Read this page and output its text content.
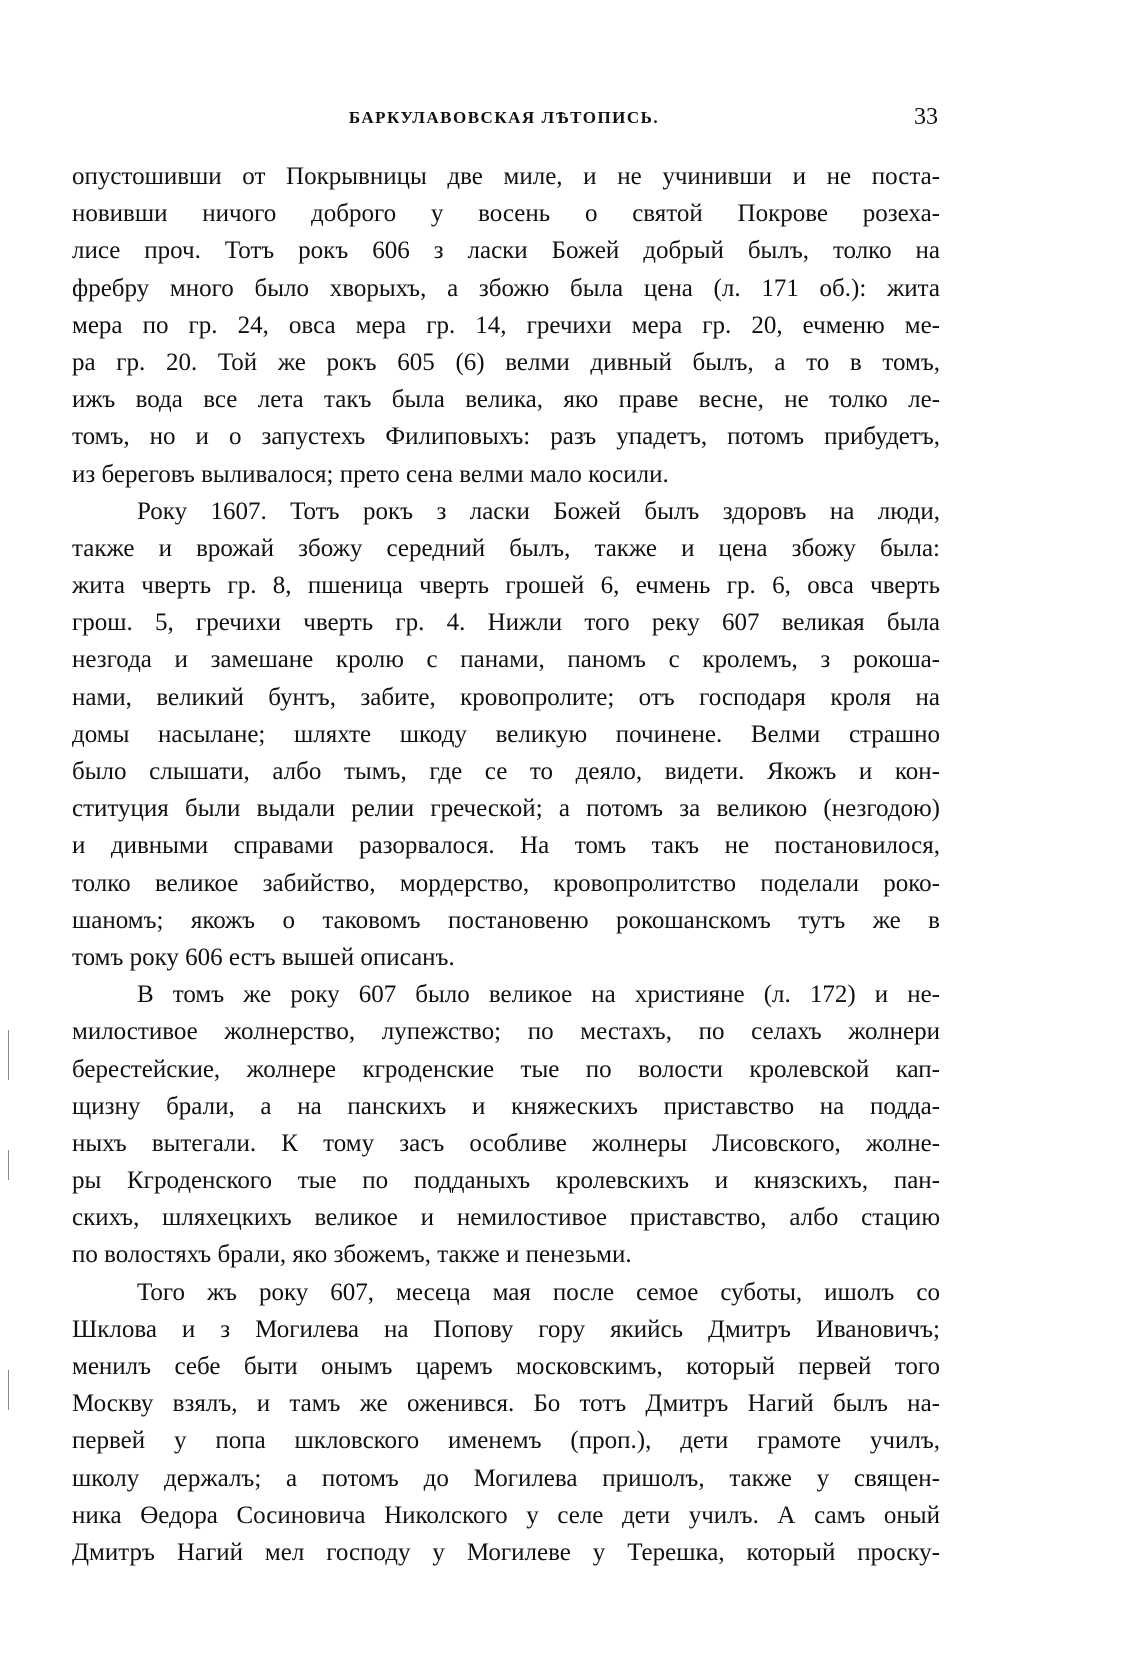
БАРКУЛАВОВСКАЯ ЛѢТОПИСЬ.	33
опустошивши от Покрывницы две миле, и не учинивши и не поста-
новивши ничого доброго у восень о святой Покрове розеха-
лисе проч. Тотъ рокъ 606 з ласки Божей добрый былъ, толко на
фребру много было хворыхъ, а збожю была цена (л. 171 об.): жита
мера по гр. 24, овса мера гр. 14, гречихи мера гр. 20, ечменю ме-
ра гр. 20. Той же рокъ 605 (6) велми дивный былъ, а то в томъ,
ижъ вода все лета такъ была велика, яко праве весне, не толко ле-
томъ, но и о запустехъ Филиповыхъ: разъ упадетъ, потомъ прибудетъ,
из береговъ выливалося; прето сена велми мало косили.
Року 1607. Тотъ рокъ з ласки Божей былъ здоровъ на люди,
также и врожай збожу середний былъ, также и цена збожу была:
жита чверть гр. 8, пшеница чверть грошей 6, ечмень гр. 6, овса чверть
грош. 5, гречихи чверть гр. 4. Нижли того реку 607 великая была
незгода и замешане кролю с панами, паномъ с кролемъ, з рокоша-
нами, великий бунтъ, забите, кровопролите; отъ господаря кроля на
домы насылане; шляхте шкоду великую починене. Велми страшно
было слышати, албо тымъ, где се то деяло, видети. Якожъ и кон-
ституция были выдали релии греческой; а потомъ за великою (незгодою)
и дивными справами разорвалося. На томъ такъ не постановилося,
толко великое забийство, мордерство, кровопролитство поделали роко-
шаномъ; якожъ о таковомъ постановеню рокошанскомъ тутъ же в
томъ року 606 естъ вышей описанъ.
В томъ же року 607 было великое на християне (л. 172) и не-
милостивое жолнерство, лупежство; по местахъ, по селахъ жолнери
берестейские, жолнере кгроденские тые по волости кролевской кап-
щизну брали, а на панскихъ и княжескихъ приставство на подда-
ныхъ вытегали. К тому засъ особливе жолнеры Лисовского, жолне-
ры Кгроденского тые по подданыхъ кролевскихъ и князскихъ, пан-
скихъ, шляхецкихъ великое и немилостивое приставство, албо стацию
по волостяхъ брали, яко збожемъ, также и пенезьми.
Того жъ року 607, месеца мая после семое суботы, ишолъ со
Шклова и з Могилева на Попову гору якийсь Дмитръ Ивановичъ;
менилъ себе быти онымъ царемъ московскимъ, который первей того
Москву взялъ, и тамъ же оженився. Бо тотъ Дмитръ Нагий былъ на-
первей у попа шкловского именемъ (проп.), дети грамоте училъ,
школу держалъ; а потомъ до Могилева пришолъ, также у священ-
ника Өедора Сосиновича Николского у селе дети училъ. А самъ оный
Дмитръ Нагий мел господу у Могилеве у Терешка, который проску-
